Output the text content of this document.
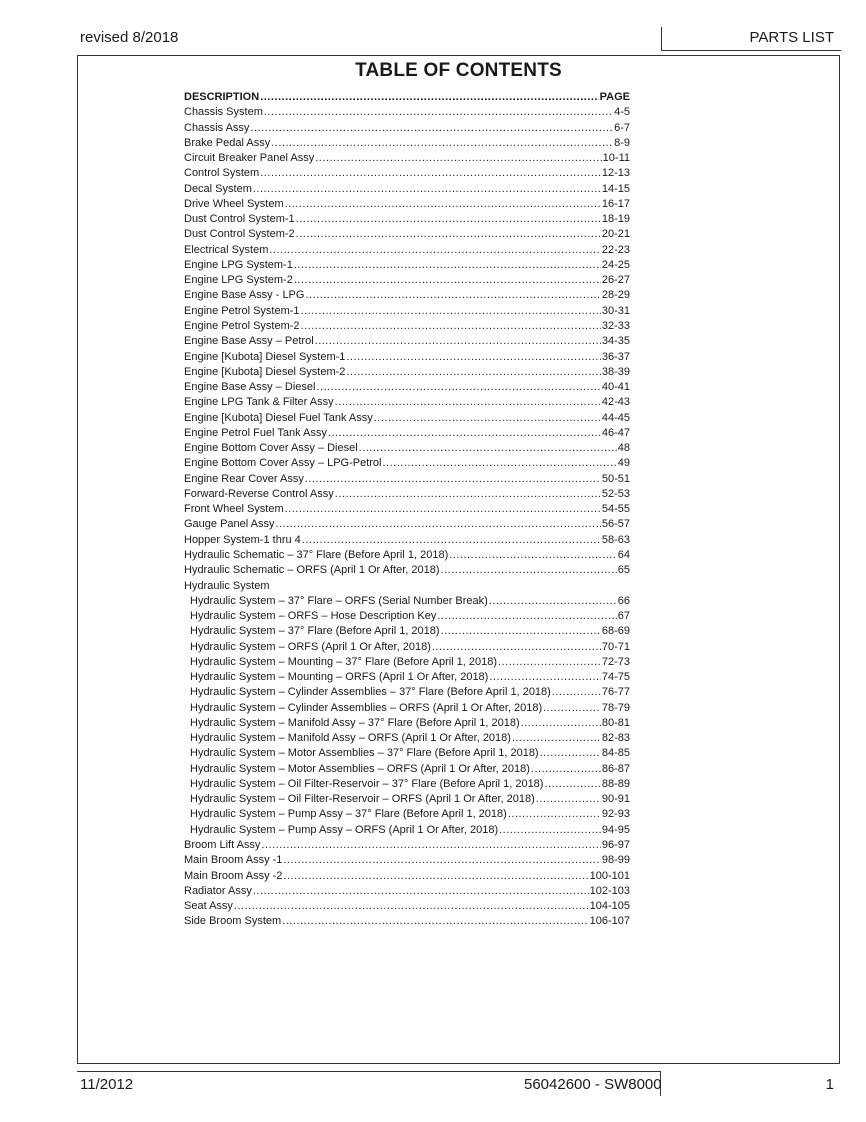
revised 8/2018	PARTS LIST
TABLE OF CONTENTS
DESCRIPTION .....	PAGE
Chassis System .....	4-5
Chassis Assy .....	6-7
Brake Pedal Assy .....	8-9
Circuit Breaker Panel Assy .....	10-11
Control System .....	12-13
Decal System .....	14-15
Drive Wheel System .....	16-17
Dust Control System-1 .....	18-19
Dust Control System-2 .....	20-21
Electrical System .....	22-23
Engine LPG System-1 .....	24-25
Engine LPG System-2 .....	26-27
Engine Base Assy - LPG .....	28-29
Engine Petrol System-1 .....	30-31
Engine Petrol System-2 .....	32-33
Engine Base Assy – Petrol .....	34-35
Engine [Kubota] Diesel System-1 .....	36-37
Engine [Kubota] Diesel System-2 .....	38-39
Engine Base Assy – Diesel .....	40-41
Engine LPG Tank & Filter Assy .....	42-43
Engine [Kubota] Diesel Fuel Tank Assy .....	44-45
Engine Petrol Fuel Tank Assy .....	46-47
Engine Bottom Cover Assy – Diesel .....	48
Engine Bottom Cover Assy – LPG-Petrol .....	49
Engine Rear Cover Assy .....	50-51
Forward-Reverse Control Assy .....	52-53
Front Wheel System .....	54-55
Gauge Panel Assy .....	56-57
Hopper System-1 thru 4 .....	58-63
Hydraulic Schematic – 37° Flare (Before April 1, 2018) .....	64
Hydraulic Schematic – ORFS (April 1 Or After, 2018) .....	65
Hydraulic System
Hydraulic System – 37° Flare – ORFS (Serial Number Break) .....	66
Hydraulic System – ORFS – Hose Description Key .....	67
Hydraulic System – 37° Flare (Before April 1, 2018) .....	68-69
Hydraulic System – ORFS (April 1 Or After, 2018) .....	70-71
Hydraulic System – Mounting – 37° Flare (Before April 1, 2018) .....	72-73
Hydraulic System – Mounting – ORFS (April 1 Or After, 2018) .....	74-75
Hydraulic System – Cylinder Assemblies – 37° Flare (Before April 1, 2018) .....	76-77
Hydraulic System – Cylinder Assemblies – ORFS (April 1 Or After, 2018) .....	78-79
Hydraulic System – Manifold Assy – 37° Flare (Before April 1, 2018) .....	80-81
Hydraulic System – Manifold Assy – ORFS (April 1 Or After, 2018) .....	82-83
Hydraulic System – Motor Assemblies – 37° Flare (Before April 1, 2018) .....	84-85
Hydraulic System – Motor Assemblies – ORFS (April 1 Or After, 2018) .....	86-87
Hydraulic System – Oil Filter-Reservoir – 37° Flare (Before April 1, 2018) .....	88-89
Hydraulic System – Oil Filter-Reservoir – ORFS (April 1 Or After, 2018) .....	90-91
Hydraulic System – Pump Assy – 37° Flare (Before April 1, 2018) .....	92-93
Hydraulic System – Pump Assy – ORFS (April 1 Or After, 2018) .....	94-95
Broom Lift Assy .....	96-97
Main Broom Assy -1 .....	98-99
Main Broom Assy -2 .....	100-101
Radiator Assy .....	102-103
Seat Assy .....	104-105
Side Broom System .....	106-107
11/2012	56042600 - SW8000	1
